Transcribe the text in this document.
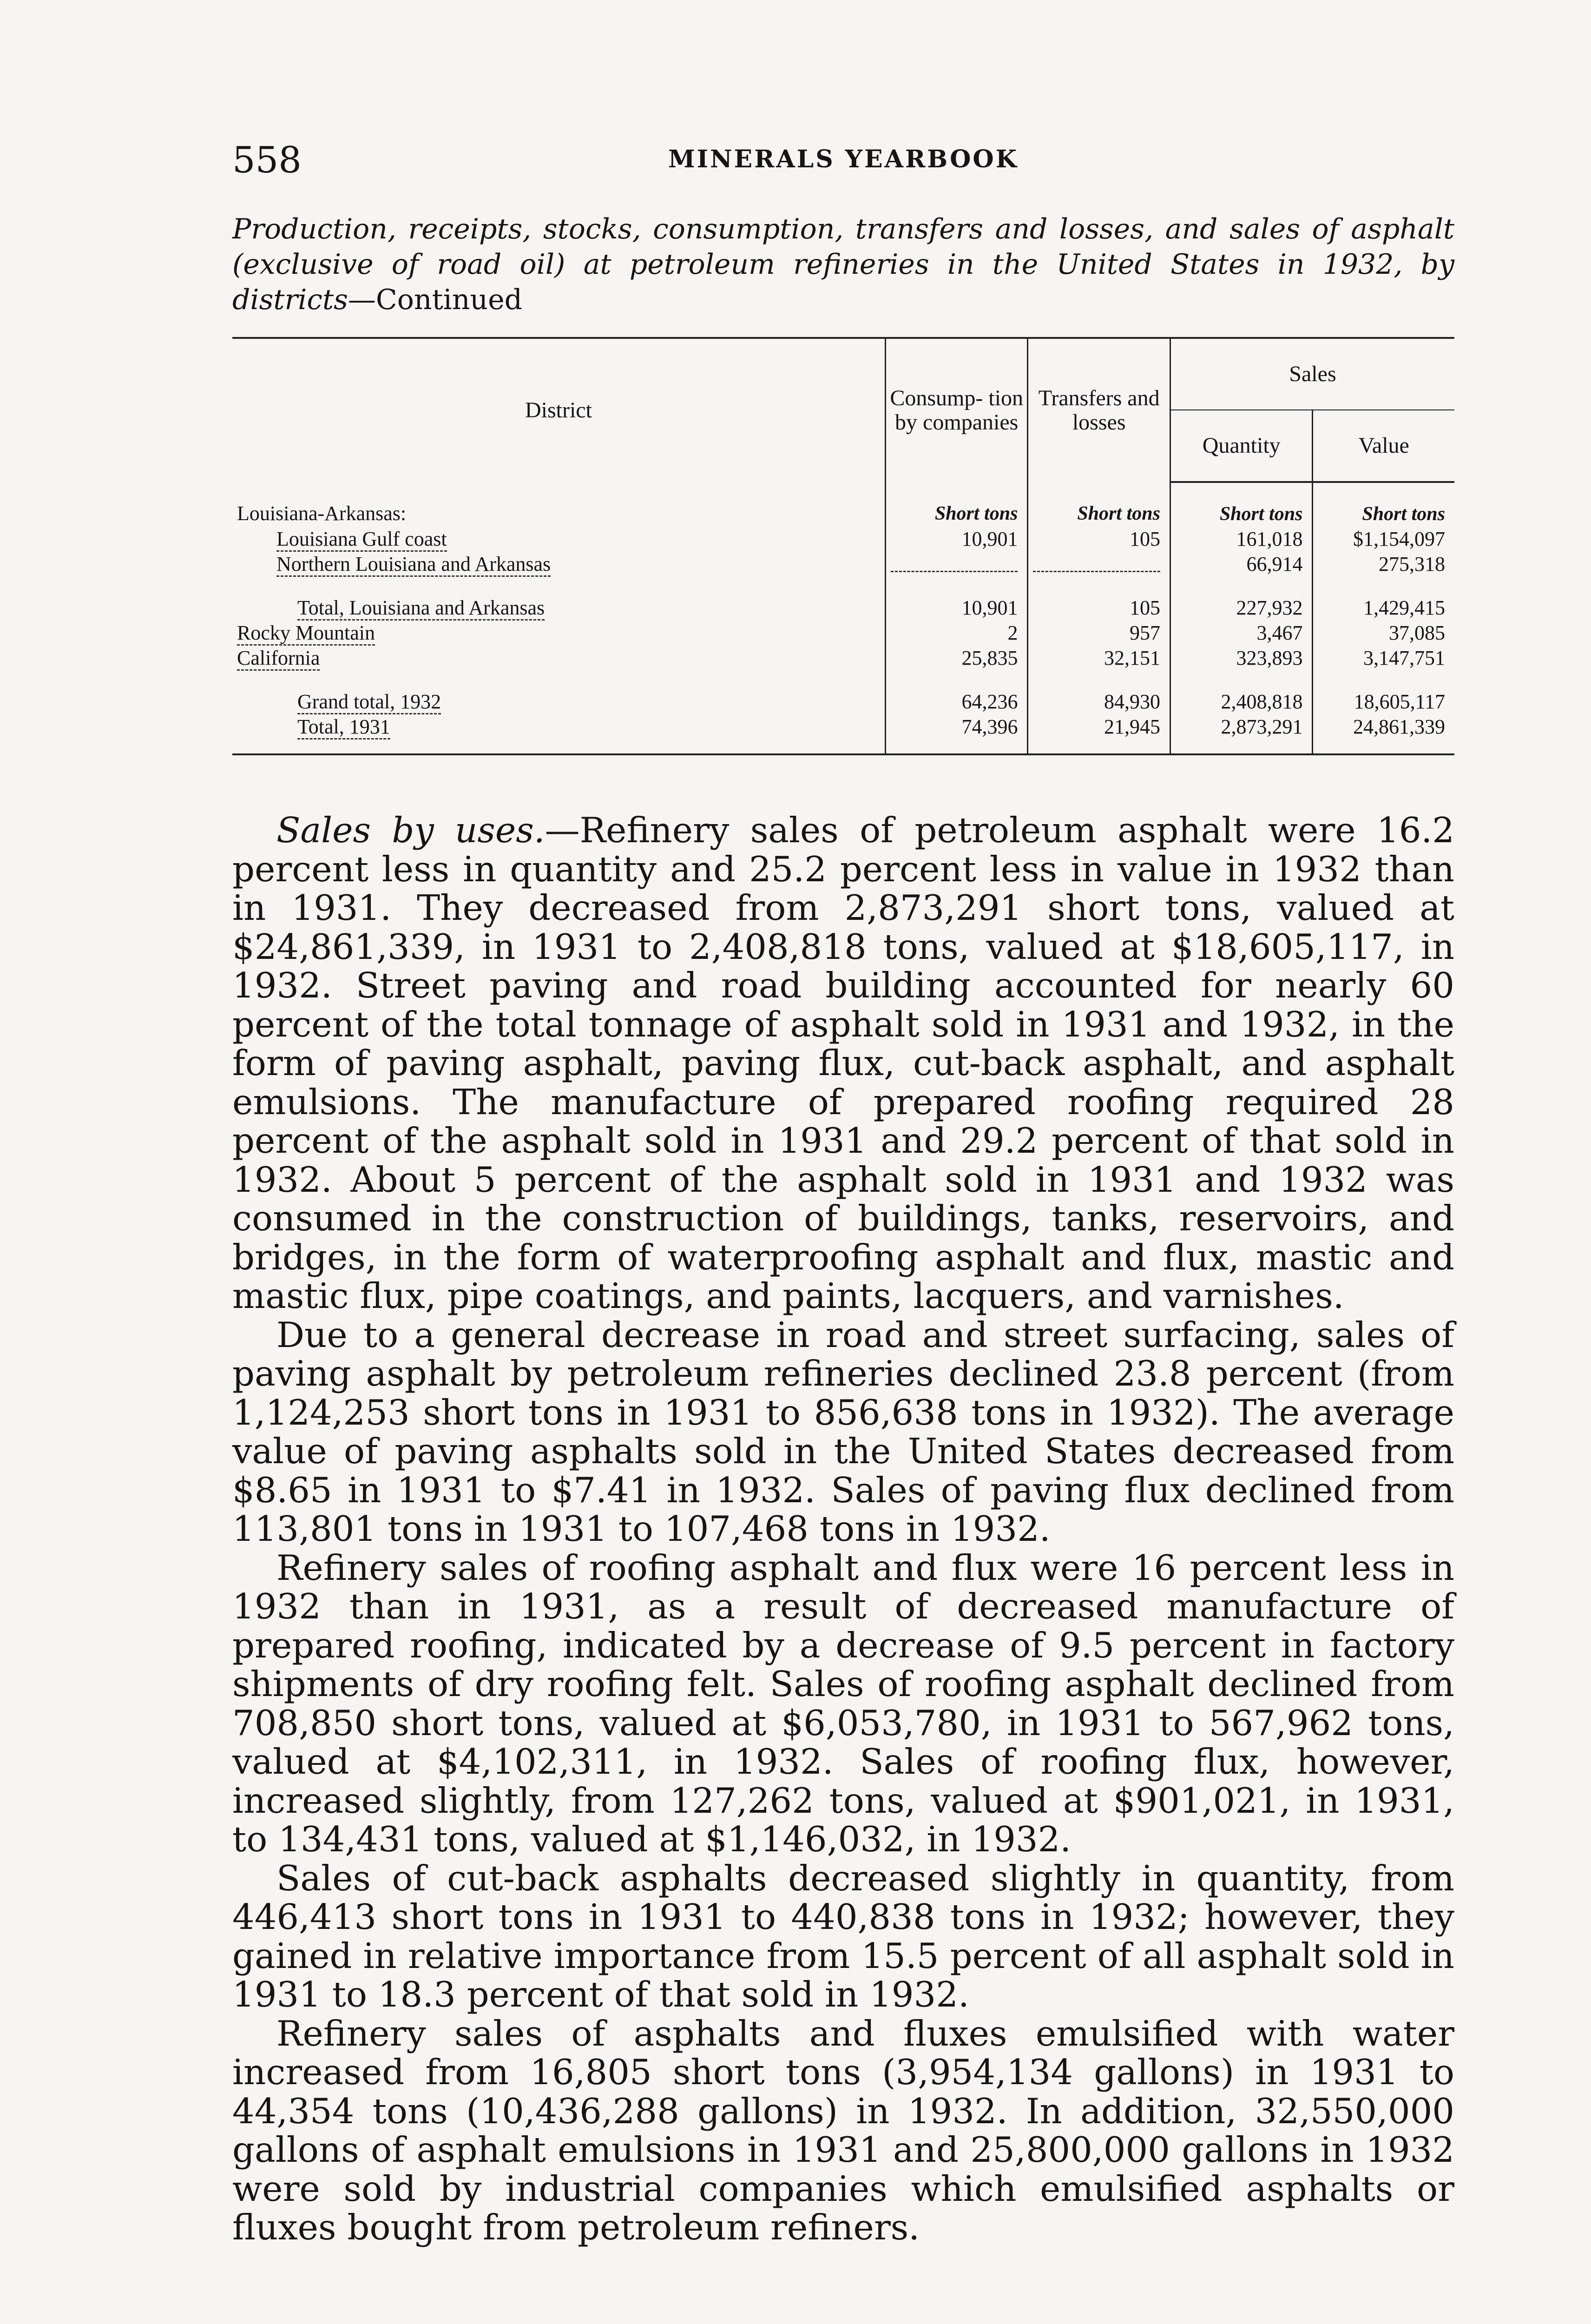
558	MINERALS YEARBOOK
Production, receipts, stocks, consumption, transfers and losses, and sales of asphalt (exclusive of road oil) at petroleum refineries in the United States in 1932, by districts—Continued
District	Consump- tion by companies	Transfers and losses	Sales	
			Quantity	Value
Louisiana-Arkansas:	Short tons	Short tons	Short tons	Short tons
Louisiana Gulf coast	10,901	105	161,018	$1,154,097
Northern Louisiana and Arkansas			66,914	275,318
Total, Louisiana and Arkansas	10,901	105	227,932	1,429,415
Rocky Mountain	2	957	3,467	37,085
California	25,835	32,151	323,893	3,147,751
Grand total, 1932	64,236	84,930	2,408,818	18,605,117
Total, 1931	74,396	21,945	2,873,291	24,861,339

Sales by uses.—Refinery sales of petroleum asphalt were 16.2 percent less in quantity and 25.2 percent less in value in 1932 than in 1931. They decreased from 2,873,291 short tons, valued at $24,861,339, in 1931 to 2,408,818 tons, valued at $18,605,117, in 1932. Street paving and road building accounted for nearly 60 percent of the total tonnage of asphalt sold in 1931 and 1932, in the form of paving asphalt, paving flux, cut-back asphalt, and asphalt emulsions. The manufacture of prepared roofing required 28 percent of the asphalt sold in 1931 and 29.2 percent of that sold in 1932. About 5 percent of the asphalt sold in 1931 and 1932 was consumed in the construction of buildings, tanks, reservoirs, and bridges, in the form of waterproofing asphalt and flux, mastic and mastic flux, pipe coatings, and paints, lacquers, and varnishes.

Due to a general decrease in road and street surfacing, sales of paving asphalt by petroleum refineries declined 23.8 percent (from 1,124,253 short tons in 1931 to 856,638 tons in 1932). The average value of paving asphalts sold in the United States decreased from $8.65 in 1931 to $7.41 in 1932. Sales of paving flux declined from 113,801 tons in 1931 to 107,468 tons in 1932.

Refinery sales of roofing asphalt and flux were 16 percent less in 1932 than in 1931, as a result of decreased manufacture of prepared roofing, indicated by a decrease of 9.5 percent in factory shipments of dry roofing felt. Sales of roofing asphalt declined from 708,850 short tons, valued at $6,053,780, in 1931 to 567,962 tons, valued at $4,102,311, in 1932. Sales of roofing flux, however, increased slightly, from 127,262 tons, valued at $901,021, in 1931, to 134,431 tons, valued at $1,146,032, in 1932.

Sales of cut-back asphalts decreased slightly in quantity, from 446,413 short tons in 1931 to 440,838 tons in 1932; however, they gained in relative importance from 15.5 percent of all asphalt sold in 1931 to 18.3 percent of that sold in 1932.

Refinery sales of asphalts and fluxes emulsified with water increased from 16,805 short tons (3,954,134 gallons) in 1931 to 44,354 tons (10,436,288 gallons) in 1932. In addition, 32,550,000 gallons of asphalt emulsions in 1931 and 25,800,000 gallons in 1932 were sold by industrial companies which emulsified asphalts or fluxes bought from petroleum refiners.
